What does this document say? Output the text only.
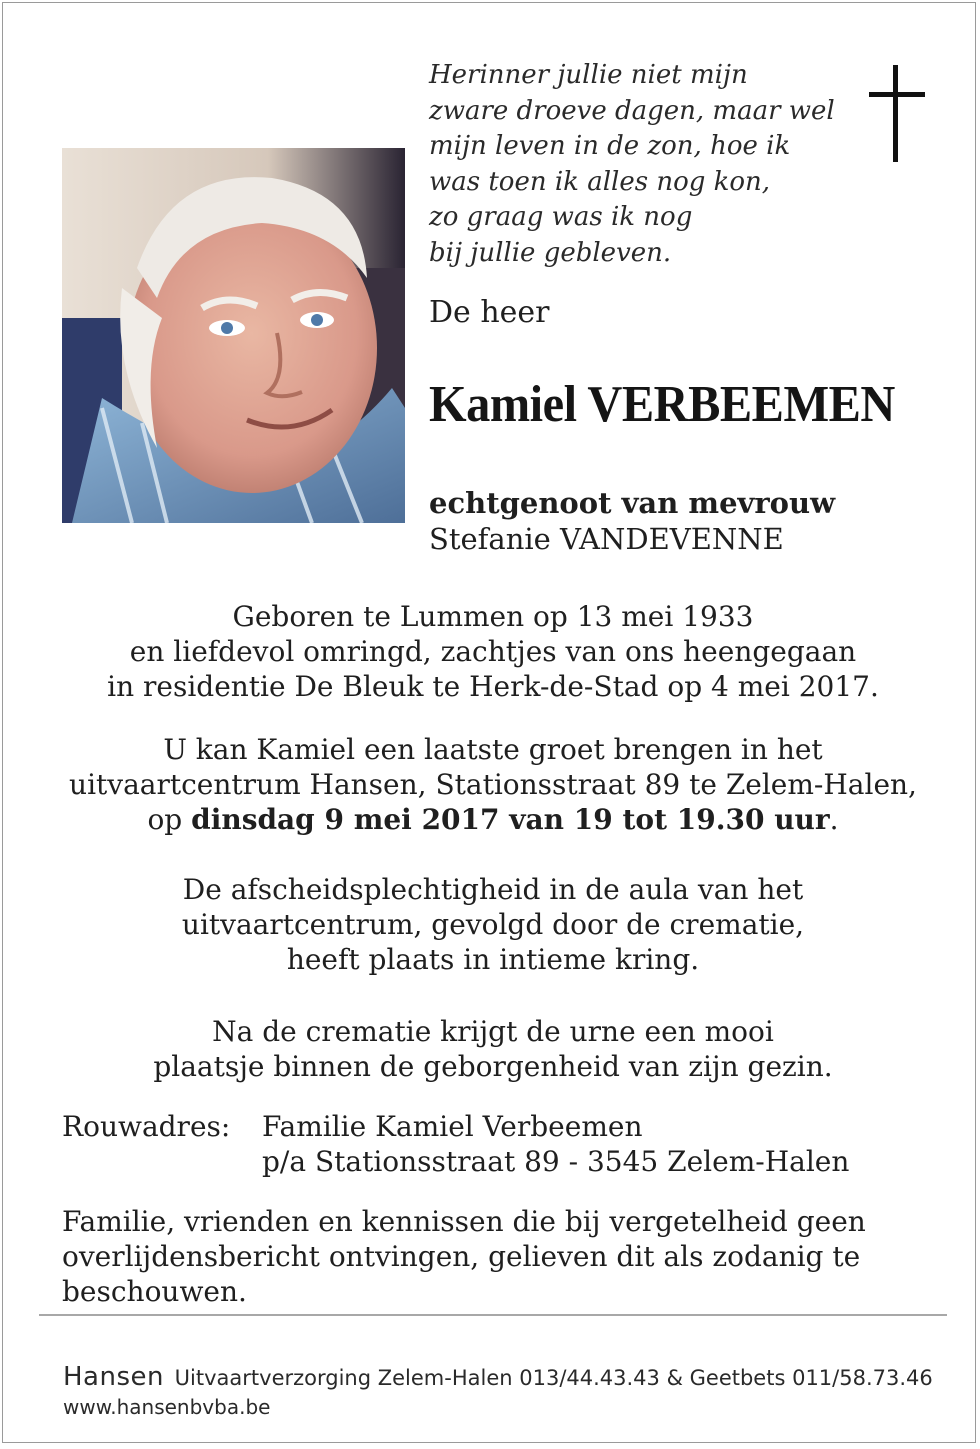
Herinner jullie niet mijn
zware droeve dagen, maar wel
mijn leven in de zon, hoe ik
was toen ik alles nog kon,
zo graag was ik nog
bij jullie gebleven.
De heer
Kamiel VERBEEMEN
echtgenoot van mevrouw
Stefanie VANDEVENNE
Geboren te Lummen op 13 mei 1933
en liefdevol omringd, zachtjes van ons heengegaan
in residentie De Bleuk te Herk-de-Stad op 4 mei 2017.
U kan Kamiel een laatste groet brengen in het
uitvaartcentrum Hansen, Stationsstraat 89 te Zelem-Halen,
op dinsdag 9 mei 2017 van 19 tot 19.30 uur.
De afscheidsplechtigheid in de aula van het
uitvaartcentrum, gevolgd door de crematie,
heeft plaats in intieme kring.
Na de crematie krijgt de urne een mooi
plaatsje binnen de geborgenheid van zijn gezin.
Rouwadres: Familie Kamiel Verbeemen
p/a Stationsstraat 89 - 3545 Zelem-Halen
Familie, vrienden en kennissen die bij vergetelheid geen overlijdensbericht ontvingen, gelieven dit als zodanig te beschouwen.
Hansen Uitvaartverzorging Zelem-Halen 013/44.43.43 & Geetbets 011/58.73.46
www.hansenbvba.be
